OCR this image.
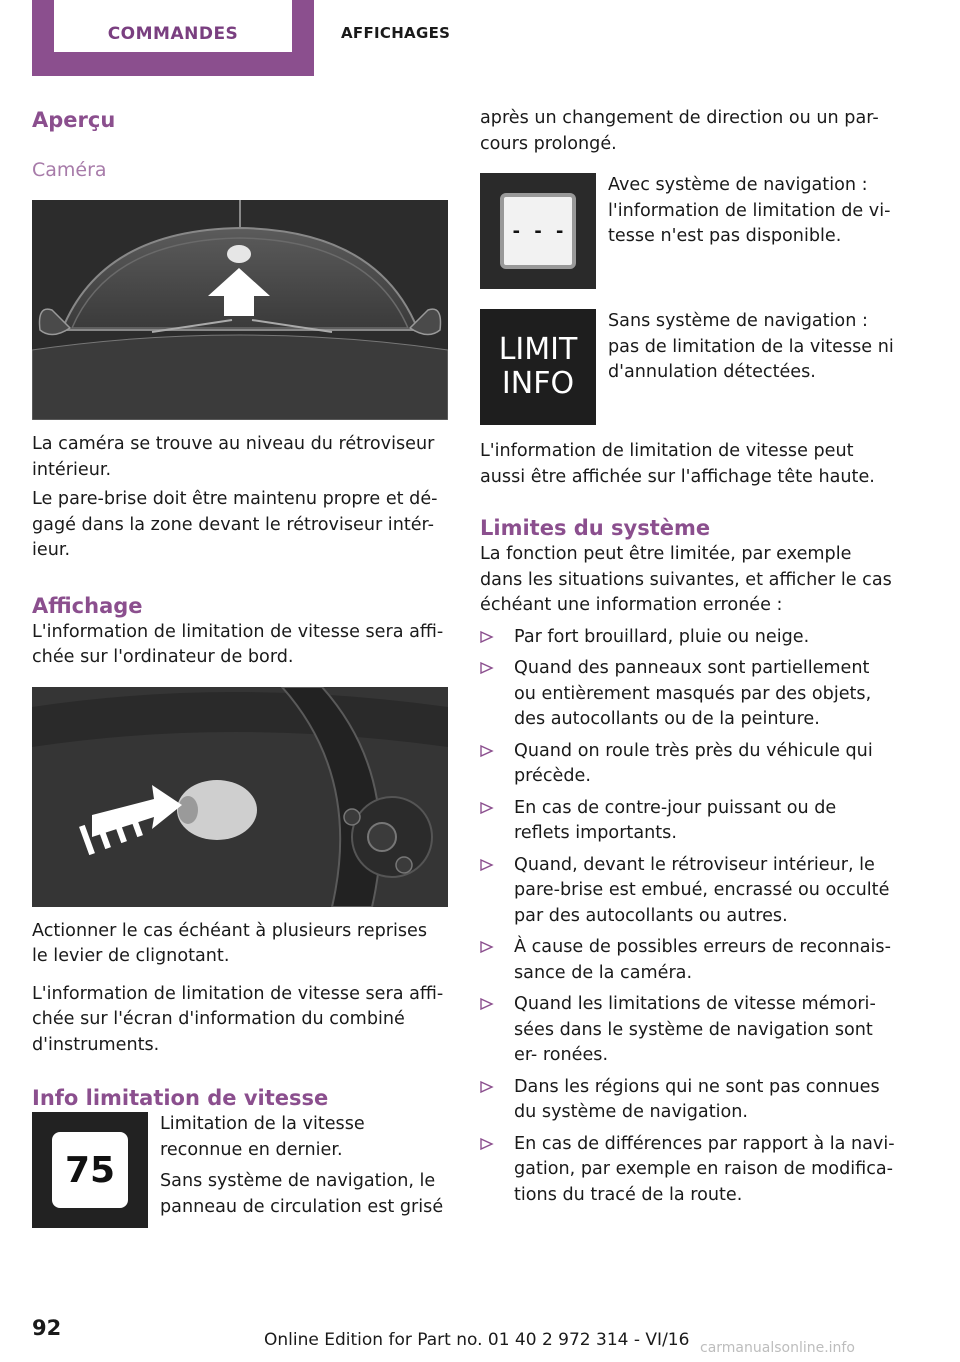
COMMANDES	AFFICHAGES
Aperçu
Caméra

La caméra se trouve au niveau du rétroviseur intérieur.

Le pare-brise doit être maintenu propre et dé- gagé dans la zone devant le rétroviseur intér- ieur.

Affichage

L'information de limitation de vitesse sera affi- chée sur l'ordinateur de bord.

Actionner le cas échéant à plusieurs reprises le levier de clignotant.

L'information de limitation de vitesse sera affi- chée sur l'écran d'information du combiné d'instruments.

Info limitation de vitesse
75

Limitation de la vitesse reconnue en dernier.

Sans système de navigation, le panneau de circulation est grisé

après un changement de direction ou un par- cours prolongé.

- - -

Avec système de navigation : l'information de limitation de vi- tesse n'est pas disponible.

LIMIT
INFO

Sans système de navigation : pas de limitation de la vitesse ni d'annulation détectées.

L'information de limitation de vitesse peut aussi être affichée sur l'affichage tête haute.

Limites du système

La fonction peut être limitée, par exemple dans les situations suivantes, et afficher le cas échéant une information erronée :

Par fort brouillard, pluie ou neige.
Quand des panneaux sont partiellement ou entièrement masqués par des objets, des autocollants ou de la peinture.
Quand on roule très près du véhicule qui précède.
En cas de contre-jour puissant ou de reflets importants.
Quand, devant le rétroviseur intérieur, le pare-brise est embué, encrassé ou occulté par des autocollants ou autres.
À cause de possibles erreurs de reconnais- sance de la caméra.
Quand les limitations de vitesse mémori- sées dans le système de navigation sont er- ronées.
Dans les régions qui ne sont pas connues du système de navigation.
En cas de différences par rapport à la navi- gation, par exemple en raison de modifica- tions du tracé de la route.
92	Online Edition for Part no. 01 40 2 972 314 - VI/16 carmanualsonline.info
